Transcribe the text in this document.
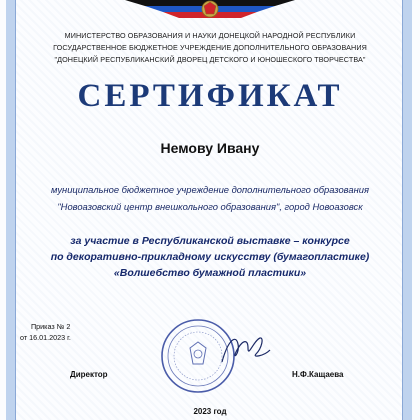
МИНИСТЕРСТВО ОБРАЗОВАНИЯ И НАУКИ ДОНЕЦКОЙ НАРОДНОЙ РЕСПУБЛИКИ
ГОСУДАРСТВЕННОЕ БЮДЖЕТНОЕ УЧРЕЖДЕНИЕ ДОПОЛНИТЕЛЬНОГО ОБРАЗОВАНИЯ
"ДОНЕЦКИЙ РЕСПУБЛИКАНСКИЙ ДВОРЕЦ ДЕТСКОГО И ЮНОШЕСКОГО ТВОРЧЕСТВА"
СЕРТИФИКАТ
Немову Ивану
муниципальное бюджетное учреждение дополнительного образования
"Новоазовский центр внешкольного образования", город Новоазовск
за участие в Республиканской выставке – конкурсе
по декоративно-прикладному искусству (бумагопластике)
«Волшебство бумажной пластики»
Приказ № 2
от 16.01.2023 г.
Директор	Н.Ф.Кащаева
2023 год
